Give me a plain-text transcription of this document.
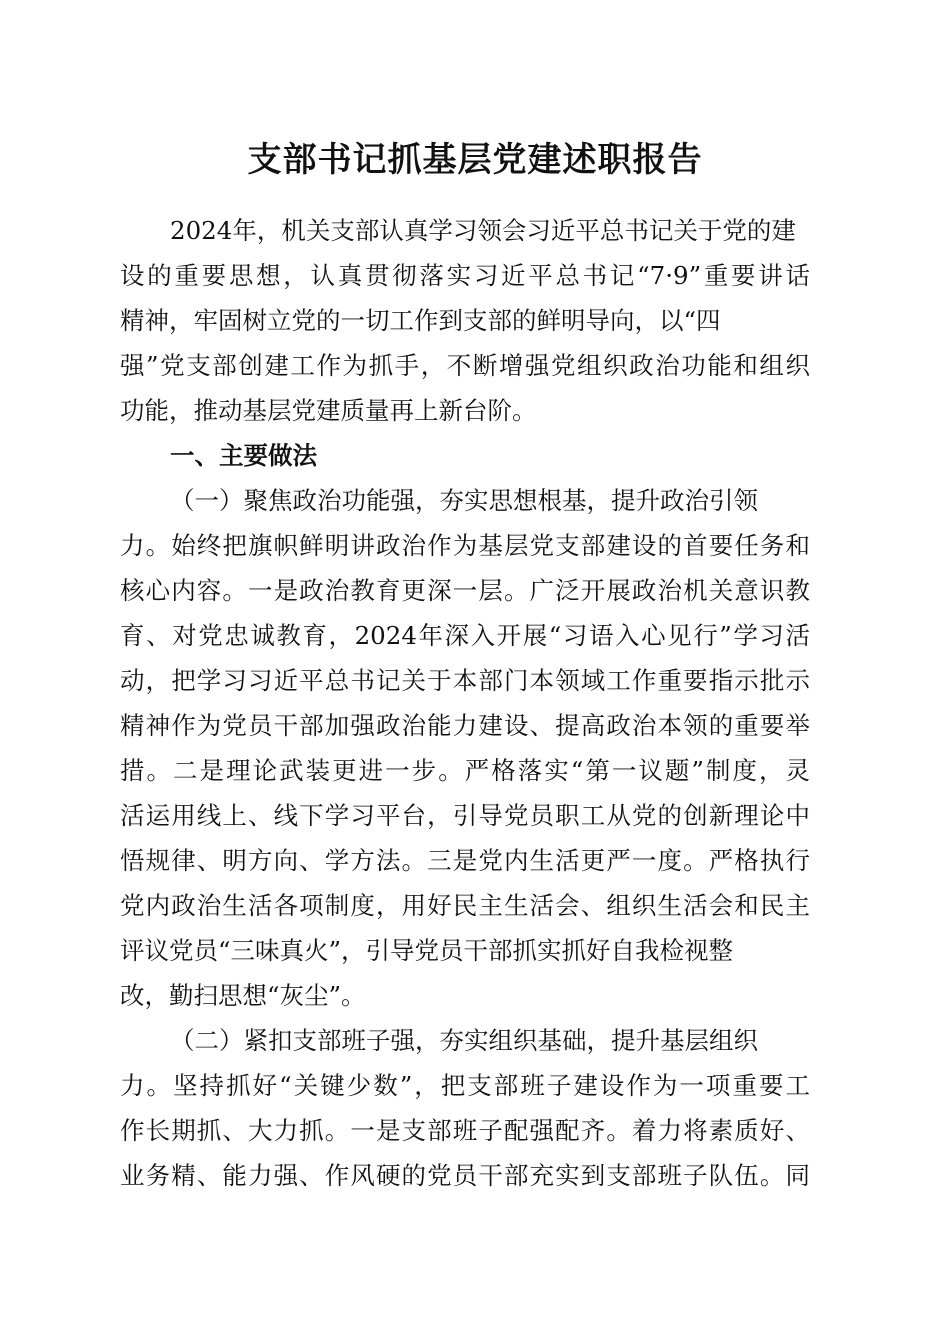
支部书记抓基层党建述职报告
2024年，机关支部认真学习领会习近平总书记关于党的建
设的重要思想，认真贯彻落实习近平总书记“7·9”重要讲话
精神，牢固树立党的一切工作到支部的鲜明导向，以“四
强”党支部创建工作为抓手，不断增强党组织政治功能和组织
功能，推动基层党建质量再上新台阶。
一、主要做法
（一）聚焦政治功能强，夯实思想根基，提升政治引领
力。始终把旗帜鲜明讲政治作为基层党支部建设的首要任务和
核心内容。一是政治教育更深一层。广泛开展政治机关意识教
育、对党忠诚教育，2024年深入开展“习语入心见行”学习活
动，把学习习近平总书记关于本部门本领域工作重要指示批示
精神作为党员干部加强政治能力建设、提高政治本领的重要举
措。二是理论武装更进一步。严格落实“第一议题”制度，灵
活运用线上、线下学习平台，引导党员职工从党的创新理论中
悟规律、明方向、学方法。三是党内生活更严一度。严格执行
党内政治生活各项制度，用好民主生活会、组织生活会和民主
评议党员“三味真火”，引导党员干部抓实抓好自我检视整
改，勤扫思想“灰尘”。
（二）紧扣支部班子强，夯实组织基础，提升基层组织
力。坚持抓好“关键少数”，把支部班子建设作为一项重要工
作长期抓、大力抓。一是支部班子配强配齐。着力将素质好、
业务精、能力强、作风硬的党员干部充实到支部班子队伍。同
